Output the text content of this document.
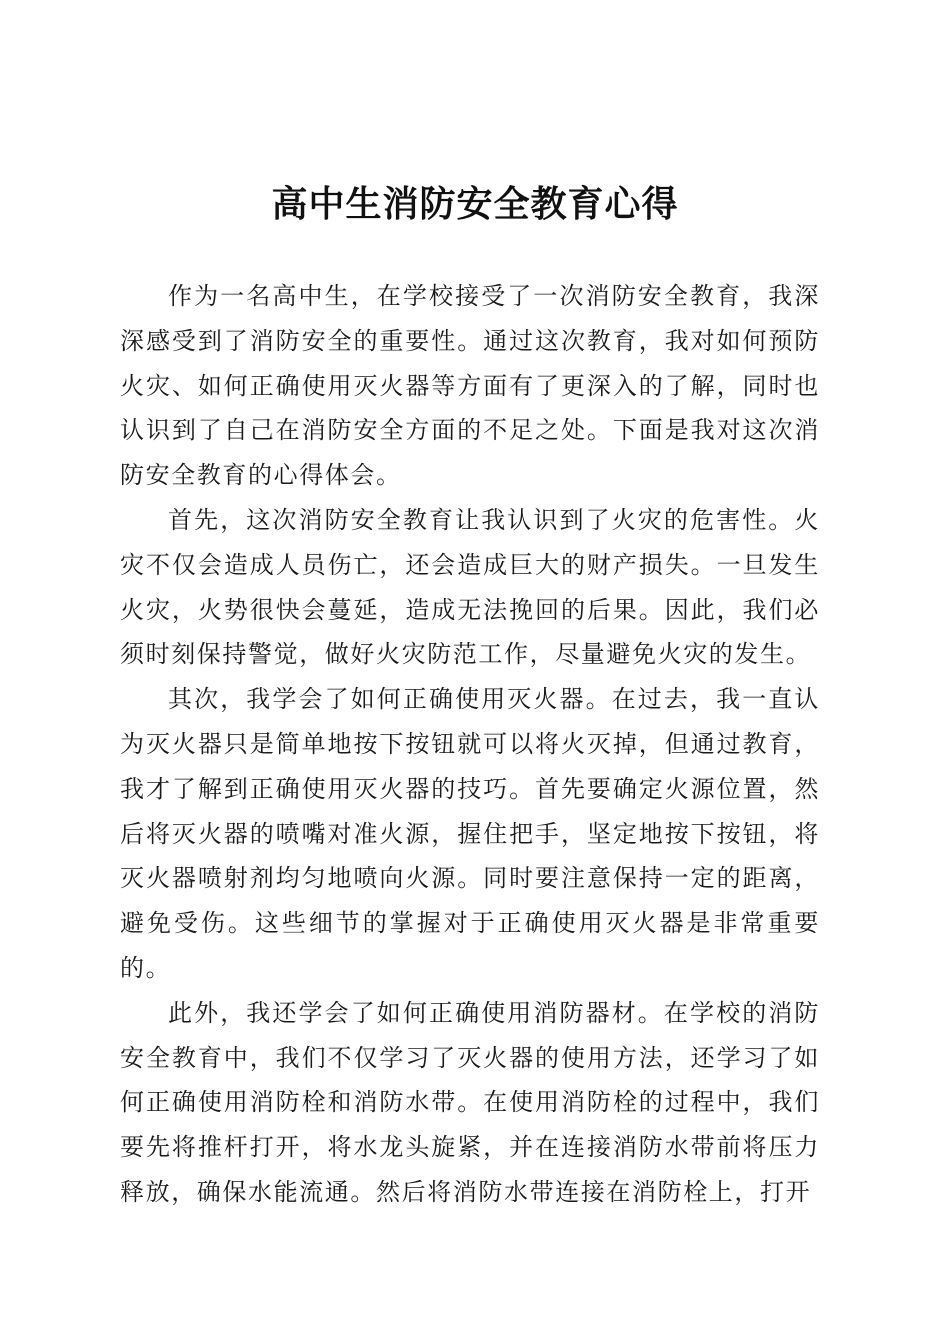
高中生消防安全教育心得

作为一名高中生，在学校接受了一次消防安全教育，我深深感受到了消防安全的重要性。通过这次教育，我对如何预防火灾、如何正确使用灭火器等方面有了更深入的了解，同时也认识到了自己在消防安全方面的不足之处。下面是我对这次消防安全教育的心得体会。

首先，这次消防安全教育让我认识到了火灾的危害性。火灾不仅会造成人员伤亡，还会造成巨大的财产损失。一旦发生火灾，火势很快会蔓延，造成无法挽回的后果。因此，我们必须时刻保持警觉，做好火灾防范工作，尽量避免火灾的发生。

其次，我学会了如何正确使用灭火器。在过去，我一直认为灭火器只是简单地按下按钮就可以将火灭掉，但通过教育，我才了解到正确使用灭火器的技巧。首先要确定火源位置，然后将灭火器的喷嘴对准火源，握住把手，坚定地按下按钮，将灭火器喷射剂均匀地喷向火源。同时要注意保持一定的距离，避免受伤。这些细节的掌握对于正确使用灭火器是非常重要的。

此外，我还学会了如何正确使用消防器材。在学校的消防安全教育中，我们不仅学习了灭火器的使用方法，还学习了如何正确使用消防栓和消防水带。在使用消防栓的过程中，我们要先将推杆打开，将水龙头旋紧，并在连接消防水带前将压力释放，确保水能流通。然后将消防水带连接在消防栓上，打开
